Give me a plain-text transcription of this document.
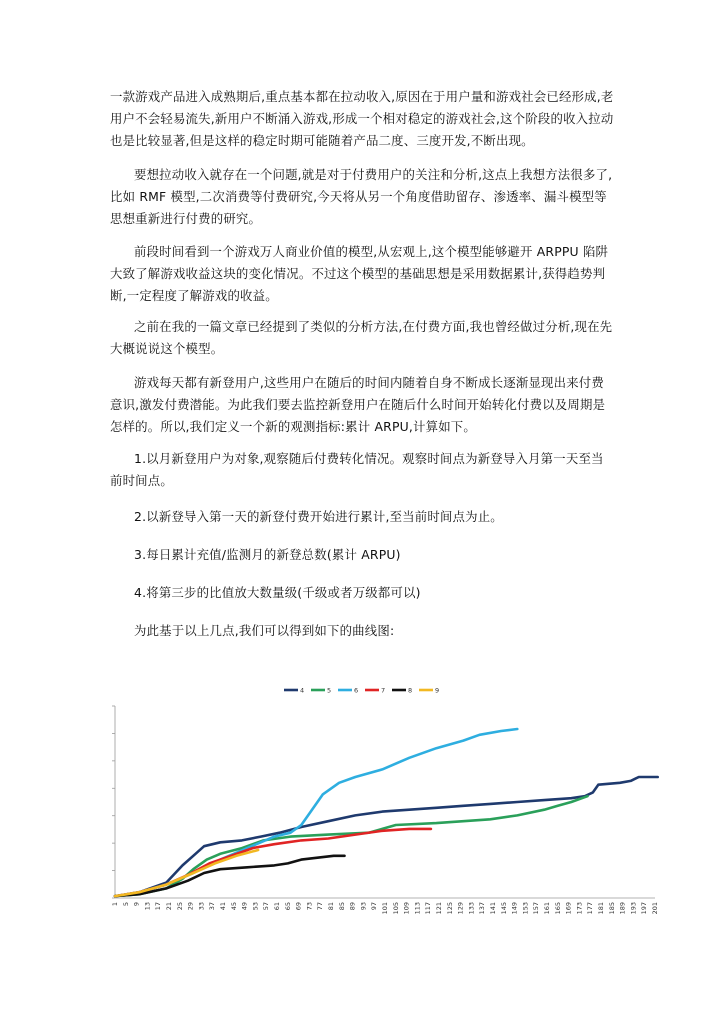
一款游戏产品进入成熟期后,重点基本都在拉动收入,原因在于用户量和游戏社会已经形成,老用户不会轻易流失,新用户不断涌入游戏,形成一个相对稳定的游戏社会,这个阶段的收入拉动也是比较显著,但是这样的稳定时期可能随着产品二度、三度开发,不断出现。

要想拉动收入就存在一个问题,就是对于付费用户的关注和分析,这点上我想方法很多了,比如 RMF 模型,二次消费等付费研究,今天将从另一个角度借助留存、渗透率、漏斗模型等思想重新进行付费的研究。

前段时间看到一个游戏万人商业价值的模型,从宏观上,这个模型能够避开 ARPPU 陷阱大致了解游戏收益这块的变化情况。不过这个模型的基础思想是采用数据累计,获得趋势判断,一定程度了解游戏的收益。

之前在我的一篇文章已经提到了类似的分析方法,在付费方面,我也曾经做过分析,现在先大概说说这个模型。

游戏每天都有新登用户,这些用户在随后的时间内随着自身不断成长逐渐显现出来付费意识,激发付费潜能。为此我们要去监控新登用户在随后什么时间开始转化付费以及周期是怎样的。所以,我们定义一个新的观测指标:累计 ARPU,计算如下。

1.以月新登用户为对象,观察随后付费转化情况。观察时间点为新登导入月第一天至当前时间点。

2.以新登导入第一天的新登付费开始进行累计,至当前时间点为止。

3.每日累计充值/监测月的新登总数(累计 ARPU)

4.将第三步的比值放大数量级(千级或者万级都可以)

为此基于以上几点,我们可以得到如下的曲线图:

4	5	6	7	8	9
1 5 9 13 17 21 25 29 33 37 41 45 49 53 57 61 65 69 73 77 81 85 89 93 97 101 105 109 113 117 121 125 129 133 137 141 145 149 153 157 161 165 169 173 177 181 185 189 193 197 201
